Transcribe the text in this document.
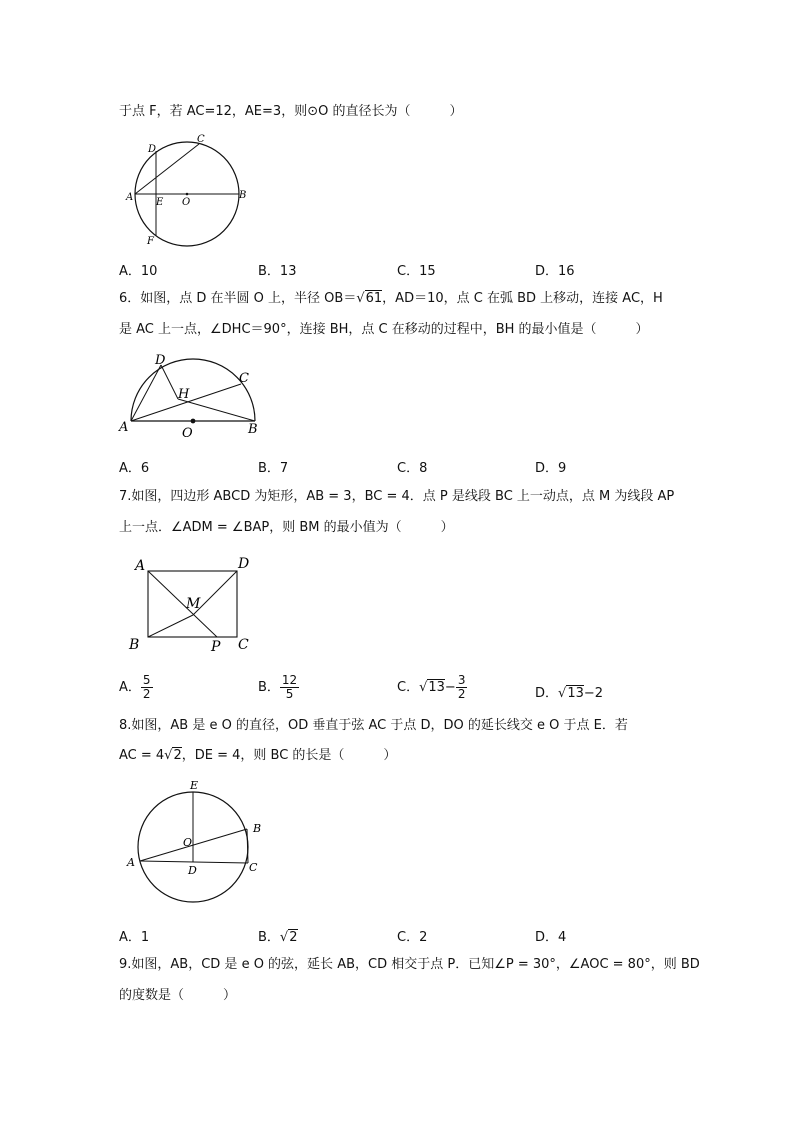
于点 F，若 AC=12，AE=3，则⊙O 的直径长为（　　　）
D
C
A E O
B
F
A．10	B．13	C．15	D．16
6．如图，点 D 在半圆 O 上，半径 OB＝√61，AD＝10，点 C 在弧 BD 上移动，连接 AC，H
是 AC 上一点，∠DHC＝90°，连接 BH，点 C 在移动的过程中，BH 的最小值是（　　　）
D
C
H
A	O	B
A．6	B．7	C．8	D．9
7.如图，四边形 ABCD 为矩形，AB = 3，BC = 4．点 P 是线段 BC 上一动点，点 M 为线段 AP
上一点．∠ADM = ∠BAP，则 BM 的最小值为（　　　）
A	D
M
B	P C
A． $\frac{5}{2}$	B． $\frac{12}{5}$	C．$√13- \frac{3}{2}$	D．√13−2
8.如图，AB 是 e O 的直径，OD 垂直于弦 AC 于点 D，DO 的延长线交 e O 于点 E．若
AC = 4√2，DE = 4，则 BC 的长是（　　　）
E
B
O
A	C
D
A．1	B．√2	C．2	D．4
9.如图，AB，CD 是 e O 的弦，延长 AB，CD 相交于点 P．已知∠P = 30°，∠AOC = 80°，则 BD
的度数是（　　　）
